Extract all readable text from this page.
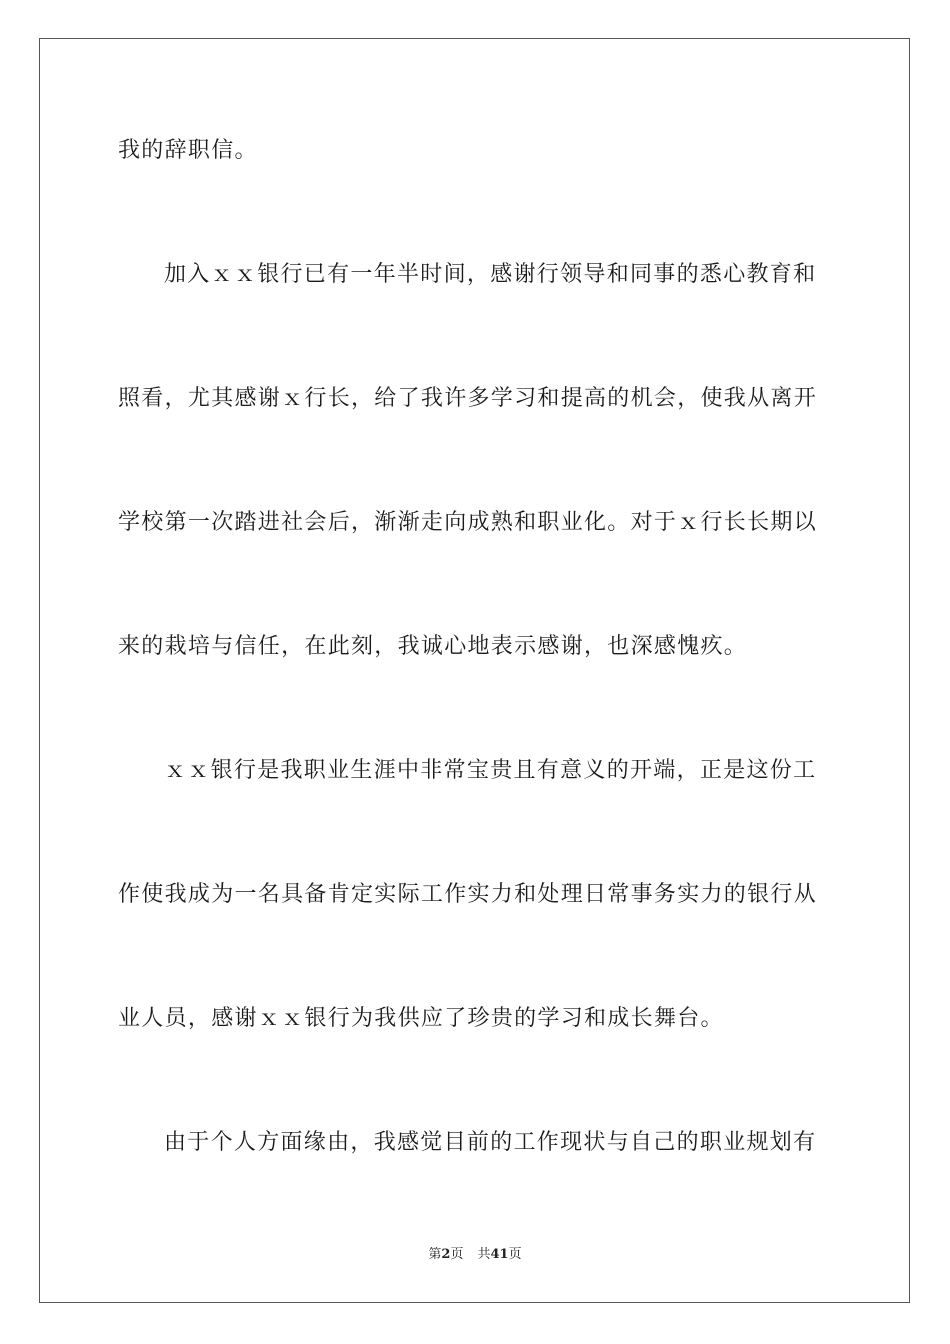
我的辞职信。
加入ｘｘ银行已有一年半时间，感谢行领导和同事的悉心教育和
照看，尤其感谢ｘ行长，给了我许多学习和提高的机会，使我从离开
学校第一次踏进社会后，渐渐走向成熟和职业化。对于ｘ行长长期以
来的栽培与信任，在此刻，我诚心地表示感谢，也深感愧疚。
ｘｘ银行是我职业生涯中非常宝贵且有意义的开端，正是这份工
作使我成为一名具备肯定实际工作实力和处理日常事务实力的银行从
业人员，感谢ｘｘ银行为我供应了珍贵的学习和成长舞台。
由于个人方面缘由，我感觉目前的工作现状与自己的职业规划有
第2页 共41页
